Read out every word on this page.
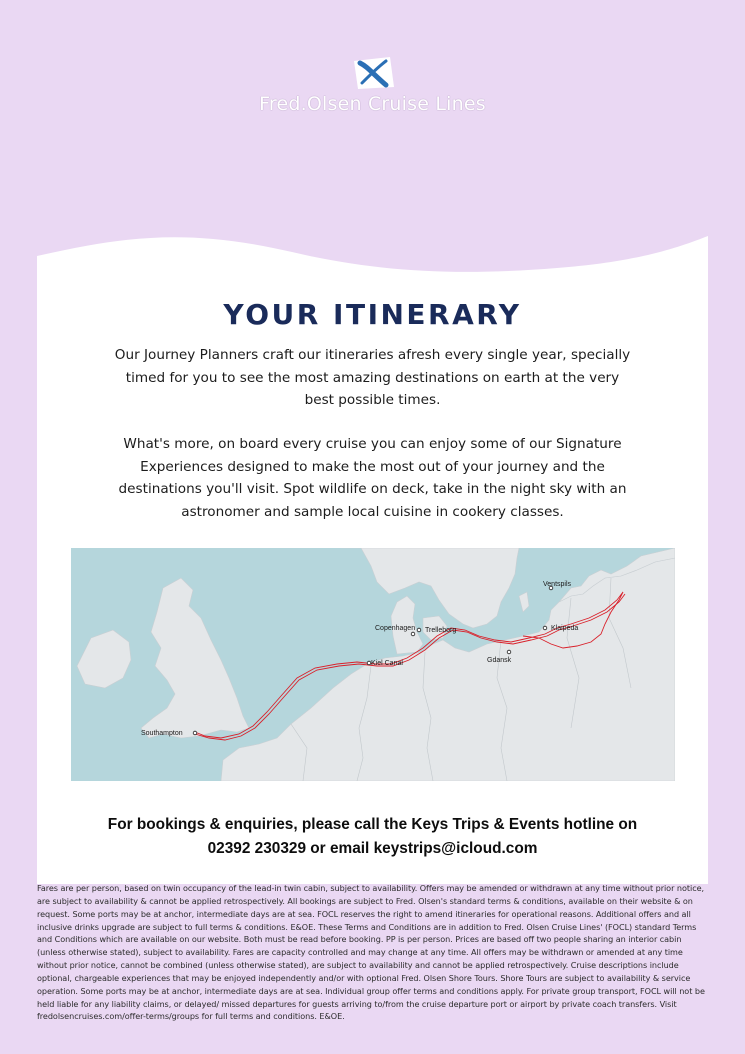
Fred.Olsen Cruise Lines
YOUR ITINERARY
Our Journey Planners craft our itineraries afresh every single year, specially timed for you to see the most amazing destinations on earth at the very best possible times.
What's more, on board every cruise you can enjoy some of our Signature Experiences designed to make the most out of your journey and the destinations you'll visit. Spot wildlife on deck, take in the night sky with an astronomer and sample local cuisine in cookery classes.
Southampton
Kiel Canal
Copenhagen Trelleborg
Ventspils
Klaipeda
Gdansk
For bookings & enquiries, please call the Keys Trips & Events hotline on
02392 230329 or email keystrips@icloud.com
Fares are per person, based on twin occupancy of the lead-in twin cabin, subject to availability. Offers may be amended or withdrawn at any time without prior notice, are subject to availability & cannot be applied retrospectively. All bookings are subject to Fred. Olsen's standard terms & conditions, available on their website & on request. Some ports may be at anchor, intermediate days are at sea. FOCL reserves the right to amend itineraries for operational reasons. Additional offers and all inclusive drinks upgrade are subject to full terms & conditions. E&OE. These Terms and Conditions are in addition to Fred. Olsen Cruise Lines' (FOCL) standard Terms and Conditions which are available on our website. Both must be read before booking. PP is per person. Prices are based off two people sharing an interior cabin (unless otherwise stated), subject to availability. Fares are capacity controlled and may change at any time. All offers may be withdrawn or amended at any time without prior notice, cannot be combined (unless otherwise stated), are subject to availability and cannot be applied retrospectively. Cruise descriptions include optional, chargeable experiences that may be enjoyed independently and/or with optional Fred. Olsen Shore Tours. Shore Tours are subject to availability & service operation. Some ports may be at anchor, intermediate days are at sea. Individual group offer terms and conditions apply. For private group transport, FOCL will not be held liable for any liability claims, or delayed/ missed departures for guests arriving to/from the cruise departure port or airport by private coach transfers. Visit fredolsencruises.com/offer-terms/groups for full terms and conditions. E&OE.
